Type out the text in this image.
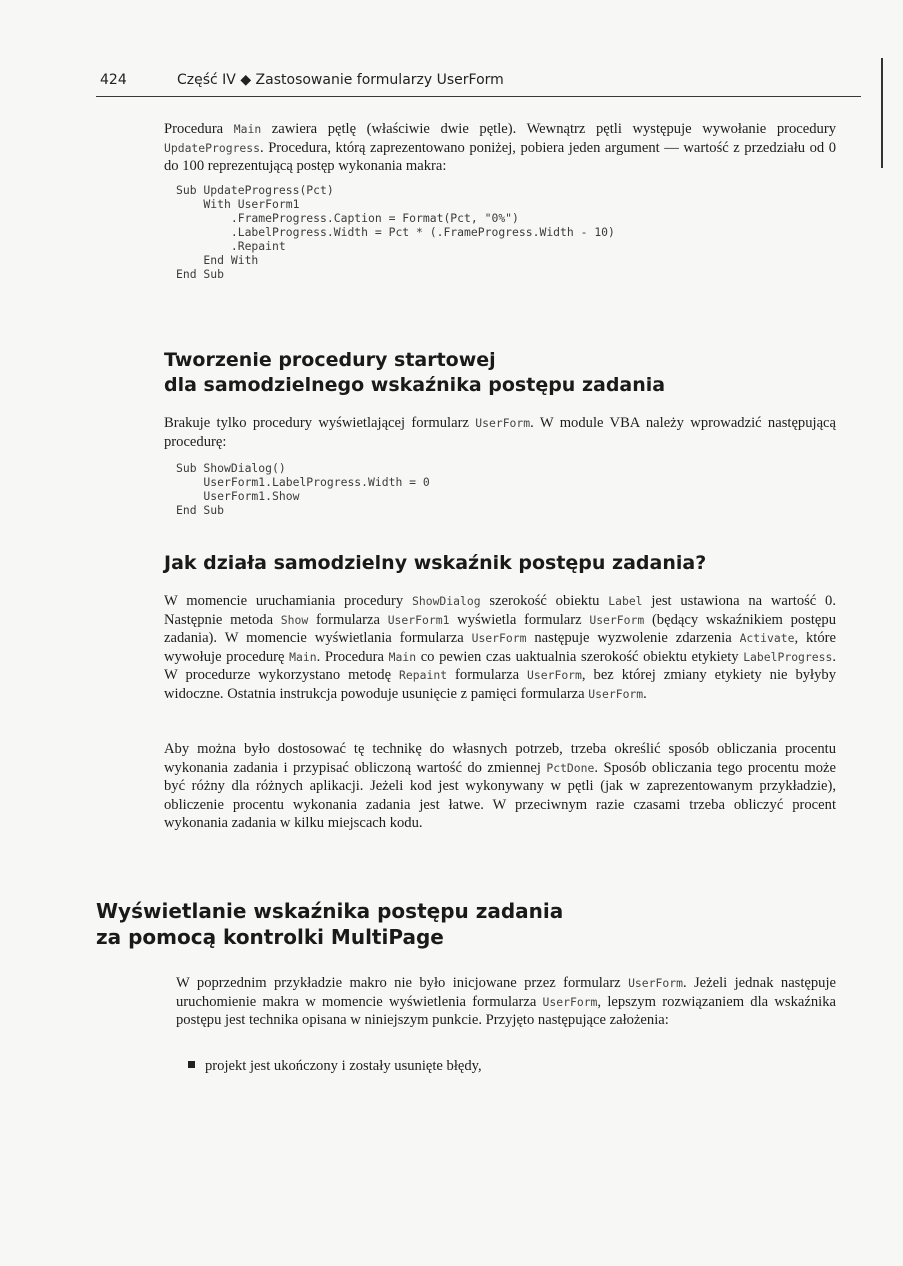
424	Część IV ◆ Zastosowanie formularzy UserForm

Procedura Main zawiera pętlę (właściwie dwie pętle). Wewnątrz pętli występuje wywołanie procedury UpdateProgress. Procedura, którą zaprezentowano poniżej, pobiera jeden argument — wartość z przedziału od 0 do 100 reprezentującą postęp wykonania makra:

Sub UpdateProgress(Pct)
With UserForm1
.FrameProgress.Caption = Format(Pct, "0%")
.LabelProgress.Width = Pct * (.FrameProgress.Width - 10)
.Repaint
End With
End Sub
Tworzenie procedury startowej
dla samodzielnego wskaźnika postępu zadania

Brakuje tylko procedury wyświetlającej formularz UserForm. W module VBA należy wprowadzić następującą procedurę:

Sub ShowDialog()
UserForm1.LabelProgress.Width = 0
UserForm1.Show
End Sub
Jak działa samodzielny wskaźnik postępu zadania?

W momencie uruchamiania procedury ShowDialog szerokość obiektu Label jest ustawiona na wartość 0. Następnie metoda Show formularza UserForm1 wyświetla formularz UserForm (będący wskaźnikiem postępu zadania). W momencie wyświetlania formularza UserForm następuje wyzwolenie zdarzenia Activate, które wywołuje procedurę Main. Procedura Main co pewien czas uaktualnia szerokość obiektu etykiety LabelProgress. W procedurze wykorzystano metodę Repaint formularza UserForm, bez której zmiany etykiety nie byłyby widoczne. Ostatnia instrukcja powoduje usunięcie z pamięci formularza UserForm.

Aby można było dostosować tę technikę do własnych potrzeb, trzeba określić sposób obliczania procentu wykonania zadania i przypisać obliczoną wartość do zmiennej PctDone. Sposób obliczania tego procentu może być różny dla różnych aplikacji. Jeżeli kod jest wykonywany w pętli (jak w zaprezentowanym przykładzie), obliczenie procentu wykonania zadania jest łatwe. W przeciwnym razie czasami trzeba obliczyć procent wykonania zadania w kilku miejscach kodu.

Wyświetlanie wskaźnika postępu zadania
za pomocą kontrolki MultiPage

W poprzednim przykładzie makro nie było inicjowane przez formularz UserForm. Jeżeli jednak następuje uruchomienie makra w momencie wyświetlenia formularza UserForm, lepszym rozwiązaniem dla wskaźnika postępu jest technika opisana w niniejszym punkcie. Przyjęto następujące założenia:

projekt jest ukończony i zostały usunięte błędy,
